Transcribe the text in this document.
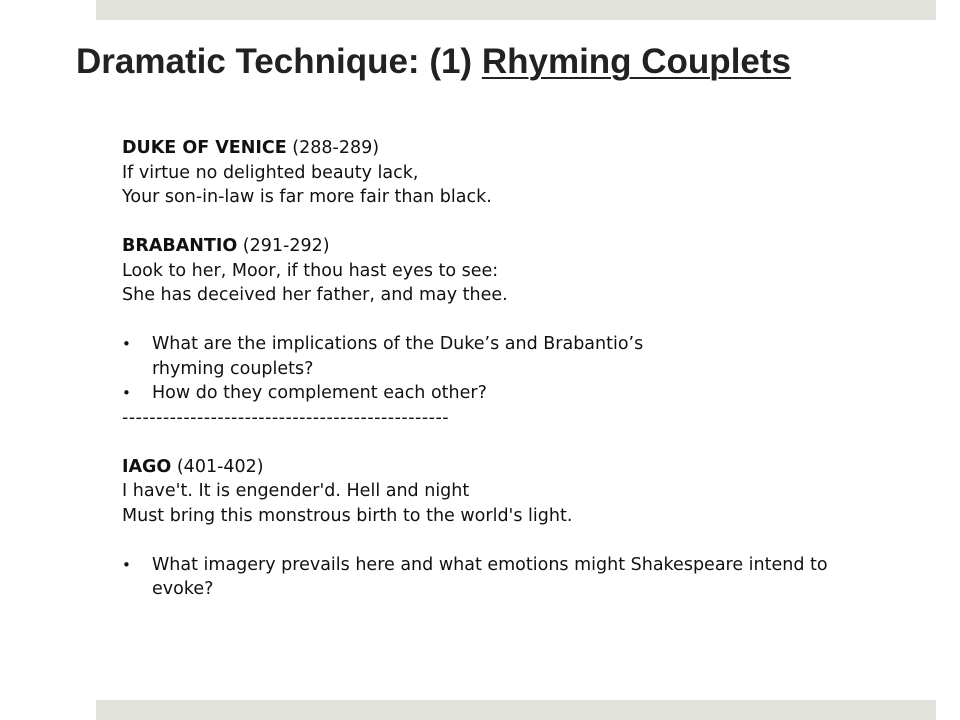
Dramatic Technique: (1) Rhyming Couplets
DUKE OF VENICE (288-289)
If virtue no delighted beauty lack,
Your son-in-law is far more fair than black.
BRABANTIO (291-292)
Look to her, Moor, if thou hast eyes to see:
She has deceived her father, and may thee.
• What are the implications of the Duke’s and Brabantio’s rhyming couplets?
• How do they complement each other?
------------------------------------------------
IAGO (401-402)
I have't. It is engender'd. Hell and night
Must bring this monstrous birth to the world's light.
• What imagery prevails here and what emotions might Shakespeare intend to evoke?
